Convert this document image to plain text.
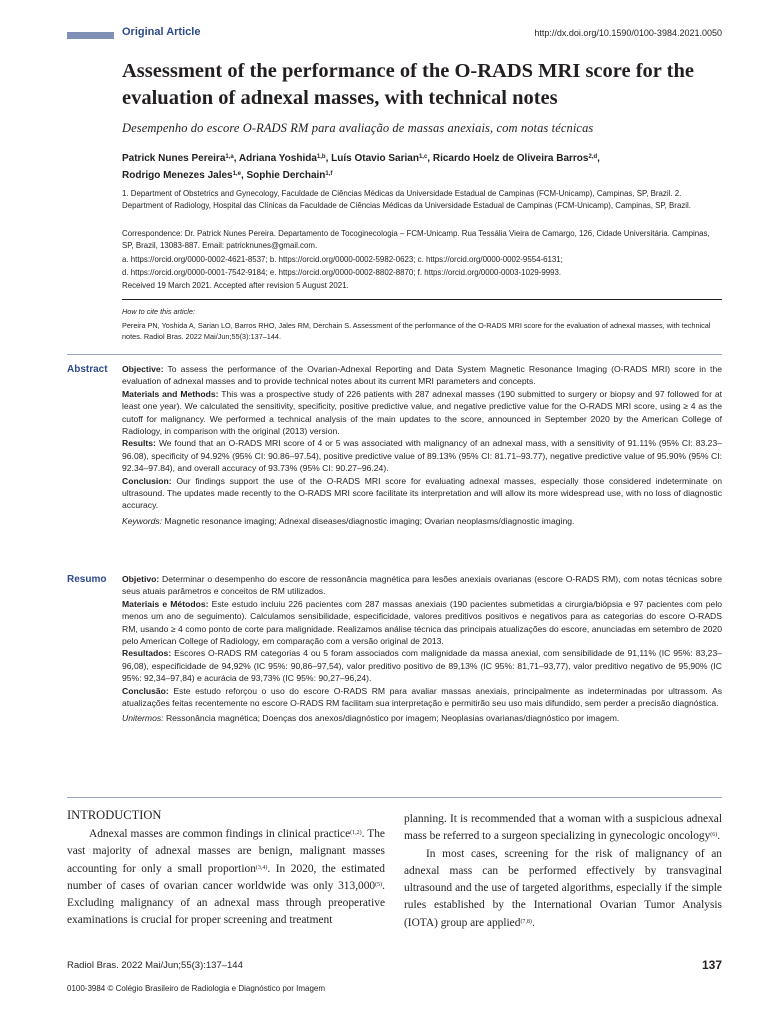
Original Article	http://dx.doi.org/10.1590/0100-3984.2021.0050
Assessment of the performance of the O-RADS MRI score for the evaluation of adnexal masses, with technical notes
Desempenho do escore O-RADS RM para avaliação de massas anexiais, com notas técnicas
Patrick Nunes Pereira$^{1,a}$, Adriana Yoshida$^{1,b}$, Luís Otavio Sarian$^{1,c}$, Ricardo Hoelz de Oliveira Barros$^{2,d}$,
Rodrigo Menezes Jales$^{1,e}$, Sophie Derchain$^{1,f}$
1. Department of Obstetrics and Gynecology, Faculdade de Ciências Médicas da Universidade Estadual de Campinas (FCM-Unicamp), Campinas, SP, Brazil. 2. Department of Radiology, Hospital das Clínicas da Faculdade de Ciências Médicas da Universidade Estadual de Campinas (FCM-Unicamp), Campinas, SP, Brazil.
Correspondence: Dr. Patrick Nunes Pereira. Departamento de Tocoginecologia – FCM-Unicamp. Rua Tessália Vieira de Camargo, 126, Cidade Universitária. Campinas, SP, Brazil, 13083-887. Email: patricknunes@gmail.com.
a. https://orcid.org/0000-0002-4621-8537; b. https://orcid.org/0000-0002-5982-0623; c. https://orcid.org/0000-0002-9554-6131;
d. https://orcid.org/0000-0001-7542-9184; e. https://orcid.org/0000-0002-8802-8870; f. https://orcid.org/0000-0003-1029-9993.
Received 19 March 2021. Accepted after revision 5 August 2021.
How to cite this article:
Pereira PN, Yoshida A, Sarian LO, Barros RHO, Jales RM, Derchain S. Assessment of the performance of the O-RADS MRI score for the evaluation of adnexal masses, with technical notes. Radiol Bras. 2022 Mai/Jun;55(3):137–144.
Abstract Objective: To assess the performance of the Ovarian-Adnexal Reporting and Data System Magnetic Resonance Imaging (O-RADS MRI) score in the evaluation of adnexal masses and to provide technical notes about its current MRI parameters and concepts.

Materials and Methods: This was a prospective study of 226 patients with 287 adnexal masses (190 submitted to surgery or biopsy and 97 followed for at least one year). We calculated the sensitivity, specificity, positive predictive value, and negative predictive value for the O-RADS MRI score, using ≥ 4 as the cutoff for malignancy. We performed a technical analysis of the main updates to the score, announced in September 2020 by the American College of Radiology, in comparison with the original (2013) version.

Results: We found that an O-RADS MRI score of 4 or 5 was associated with malignancy of an adnexal mass, with a sensitivity of 91.11% (95% CI: 83.23–96.08), specificity of 94.92% (95% CI: 90.86–97.54), positive predictive value of 89.13% (95% CI: 81.71–93.77), negative predictive value of 95.90% (95% CI: 92.34–97.84), and overall accuracy of 93.73% (95% CI: 90.27–96.24).

Conclusion: Our findings support the use of the O-RADS MRI score for evaluating adnexal masses, especially those considered indeterminate on ultrasound. The updates made recently to the O-RADS MRI score facilitate its interpretation and will allow its more widespread use, with no loss of diagnostic accuracy.

Keywords: Magnetic resonance imaging; Adnexal diseases/diagnostic imaging; Ovarian neoplasms/diagnostic imaging.

Resumo Objetivo: Determinar o desempenho do escore de ressonância magnética para lesões anexiais ovarianas (escore O-RADS RM), com notas técnicas sobre seus atuais parâmetros e conceitos de RM utilizados.

Materiais e Métodos: Este estudo incluiu 226 pacientes com 287 massas anexiais (190 pacientes submetidas a cirurgia/biópsia e 97 pacientes com pelo menos um ano de seguimento). Calculamos sensibilidade, especificidade, valores preditivos positivos e negativos para as categorias do escore O-RADS RM, usando ≥ 4 como ponto de corte para malignidade. Realizamos análise técnica das principais atualizações do escore, anunciadas em setembro de 2020 pelo American College of Radiology, em comparação com a versão original de 2013.

Resultados: Escores O-RADS RM categorias 4 ou 5 foram associados com malignidade da massa anexial, com sensibilidade de 91,11% (IC 95%: 83,23–96,08), especificidade de 94,92% (IC 95%: 90,86–97,54), valor preditivo positivo de 89,13% (IC 95%: 81,71–93,77), valor preditivo negativo de 95,90% (IC 95%: 92,34–97,84) e acurácia de 93,73% (IC 95%: 90,27–96,24).

Conclusão: Este estudo reforçou o uso do escore O-RADS RM para avaliar massas anexiais, principalmente as indeterminadas por ultrassom. As atualizações feitas recentemente no escore O-RADS RM facilitam sua interpretação e permitirão seu uso mais difundido, sem perder a precisão diagnóstica.

Unitermos: Ressonância magnética; Doenças dos anexos/diagnóstico por imagem; Neoplasias ovarianas/diagnóstico por imagem.

INTRODUCTION

Adnexal masses are common findings in clinical practice$^{(1,2)}$. The vast majority of adnexal masses are benign, malignant masses accounting for only a small proportion$^{(3,4)}$. In 2020, the estimated number of cases of ovarian cancer worldwide was only 313,000$^{(5)}$. Excluding malignancy of an adnexal mass through preoperative examinations is crucial for proper screening and treatment

planning. It is recommended that a woman with a suspicious adnexal mass be referred to a surgeon specializing in gynecologic oncology$^{(6)}$.

In most cases, screening for the risk of malignancy of an adnexal mass can be performed effectively by transvaginal ultrasound and the use of targeted algorithms, especially if the simple rules established by the International Ovarian Tumor Analysis (IOTA) group are applied$^{(7,8)}$.

Radiol Bras. 2022 Mai/Jun;55(3):137–144	137
0100-3984 © Colégio Brasileiro de Radiologia e Diagnóstico por Imagem
